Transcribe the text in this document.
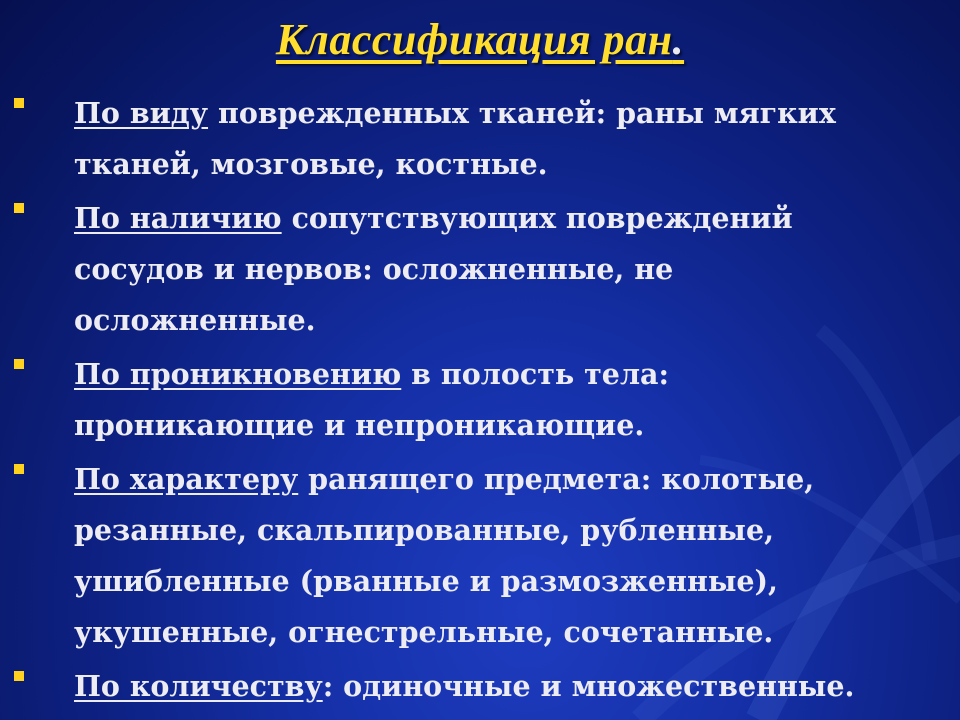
Классификация ран.
По виду поврежденных тканей: раны мягких тканей, мозговые, костные.
По наличию сопутствующих повреждений сосудов и нервов: осложненные, не осложненные.
По проникновению в полость тела: проникающие и непроникающие.
По характеру ранящего предмета: колотые, резанные, скальпированные, рубленные, ушибленные (рванные и размозженные), укушенные, огнестрельные, сочетанные.
По количеству: одиночные и множественные.
